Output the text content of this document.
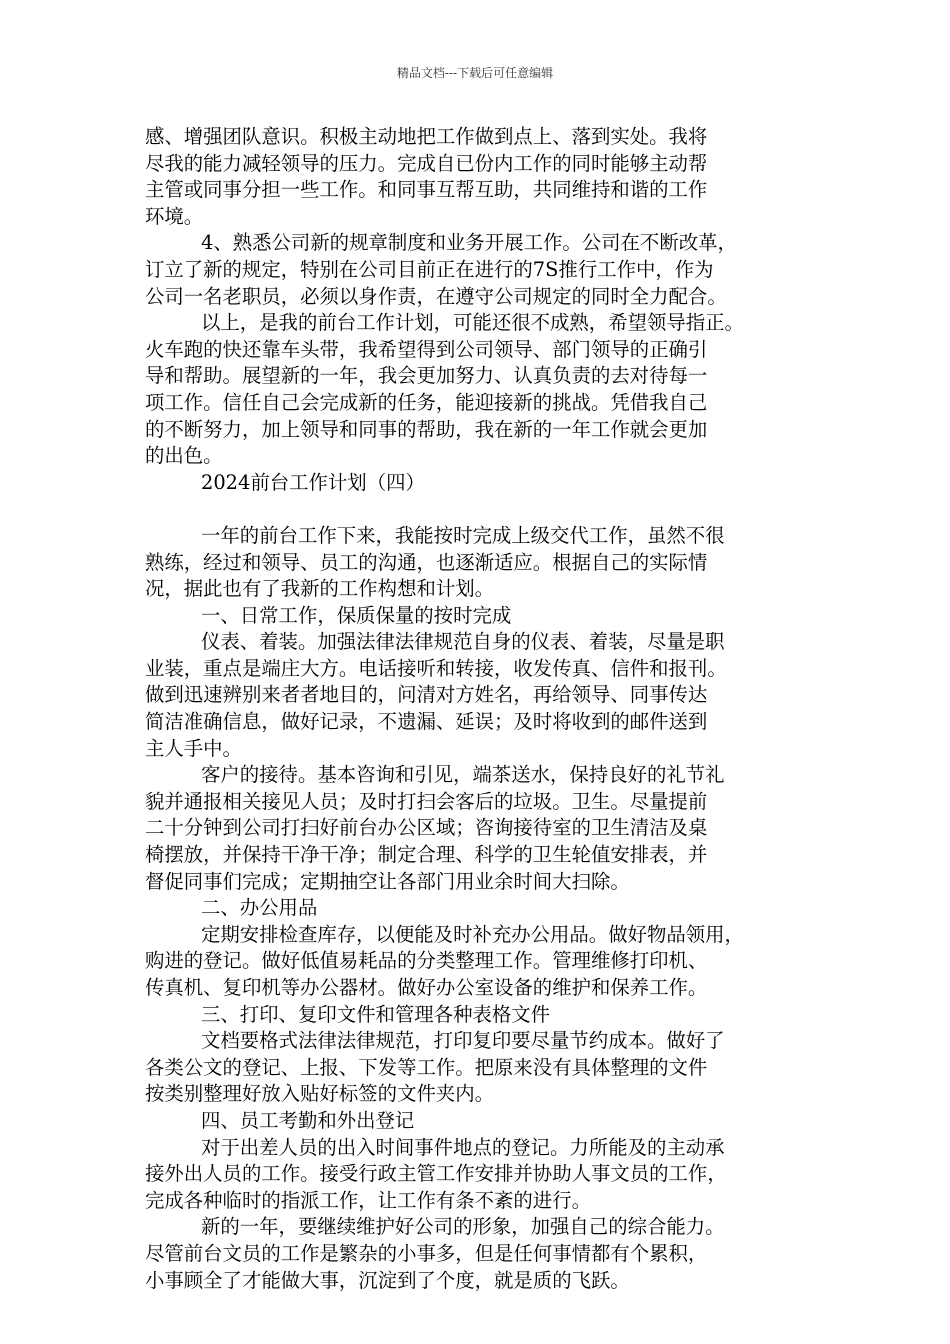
精品文档---下载后可任意编辑
感、增强团队意识。积极主动地把工作做到点上、落到实处。我将
尽我的能力减轻领导的压力。完成自已份内工作的同时能够主动帮
主管或同事分担一些工作。和同事互帮互助，共同维持和谐的工作
环境。
4、熟悉公司新的规章制度和业务开展工作。公司在不断改革，
订立了新的规定，特别在公司目前正在进行的7S推行工作中，作为
公司一名老职员，必须以身作责，在遵守公司规定的同时全力配合。
以上，是我的前台工作计划，可能还很不成熟，希望领导指正。
火车跑的快还靠车头带，我希望得到公司领导、部门领导的正确引
导和帮助。展望新的一年，我会更加努力、认真负责的去对待每一
项工作。信任自己会完成新的任务，能迎接新的挑战。凭借我自己
的不断努力，加上领导和同事的帮助，我在新的一年工作就会更加
的出色。
2024前台工作计划（四）
一年的前台工作下来，我能按时完成上级交代工作，虽然不很
熟练，经过和领导、员工的沟通，也逐渐适应。根据自己的实际情
况，据此也有了我新的工作构想和计划。
一、日常工作，保质保量的按时完成
仪表、着装。加强法律法律规范自身的仪表、着装，尽量是职
业装，重点是端庄大方。电话接听和转接，收发传真、信件和报刊。
做到迅速辨别来者者地目的，问清对方姓名，再给领导、同事传达
简洁准确信息，做好记录，不遗漏、延误；及时将收到的邮件送到
主人手中。
客户的接待。基本咨询和引见，端茶送水，保持良好的礼节礼
貌并通报相关接见人员；及时打扫会客后的垃圾。卫生。尽量提前
二十分钟到公司打扫好前台办公区域；咨询接待室的卫生清洁及桌
椅摆放，并保持干净干净；制定合理、科学的卫生轮值安排表，并
督促同事们完成；定期抽空让各部门用业余时间大扫除。
二、办公用品
定期安排检查库存，以便能及时补充办公用品。做好物品领用，
购进的登记。做好低值易耗品的分类整理工作。管理维修打印机、
传真机、复印机等办公器材。做好办公室设备的维护和保养工作。
三、打印、复印文件和管理各种表格文件
文档要格式法律法律规范，打印复印要尽量节约成本。做好了
各类公文的登记、上报、下发等工作。把原来没有具体整理的文件
按类别整理好放入贴好标签的文件夹内。
四、员工考勤和外出登记
对于出差人员的出入时间事件地点的登记。力所能及的主动承
接外出人员的工作。接受行政主管工作安排并协助人事文员的工作，
完成各种临时的指派工作，让工作有条不紊的进行。
新的一年，要继续维护好公司的形象，加强自己的综合能力。
尽管前台文员的工作是繁杂的小事多，但是任何事情都有个累积，
小事顾全了才能做大事，沉淀到了个度，就是质的飞跃。
